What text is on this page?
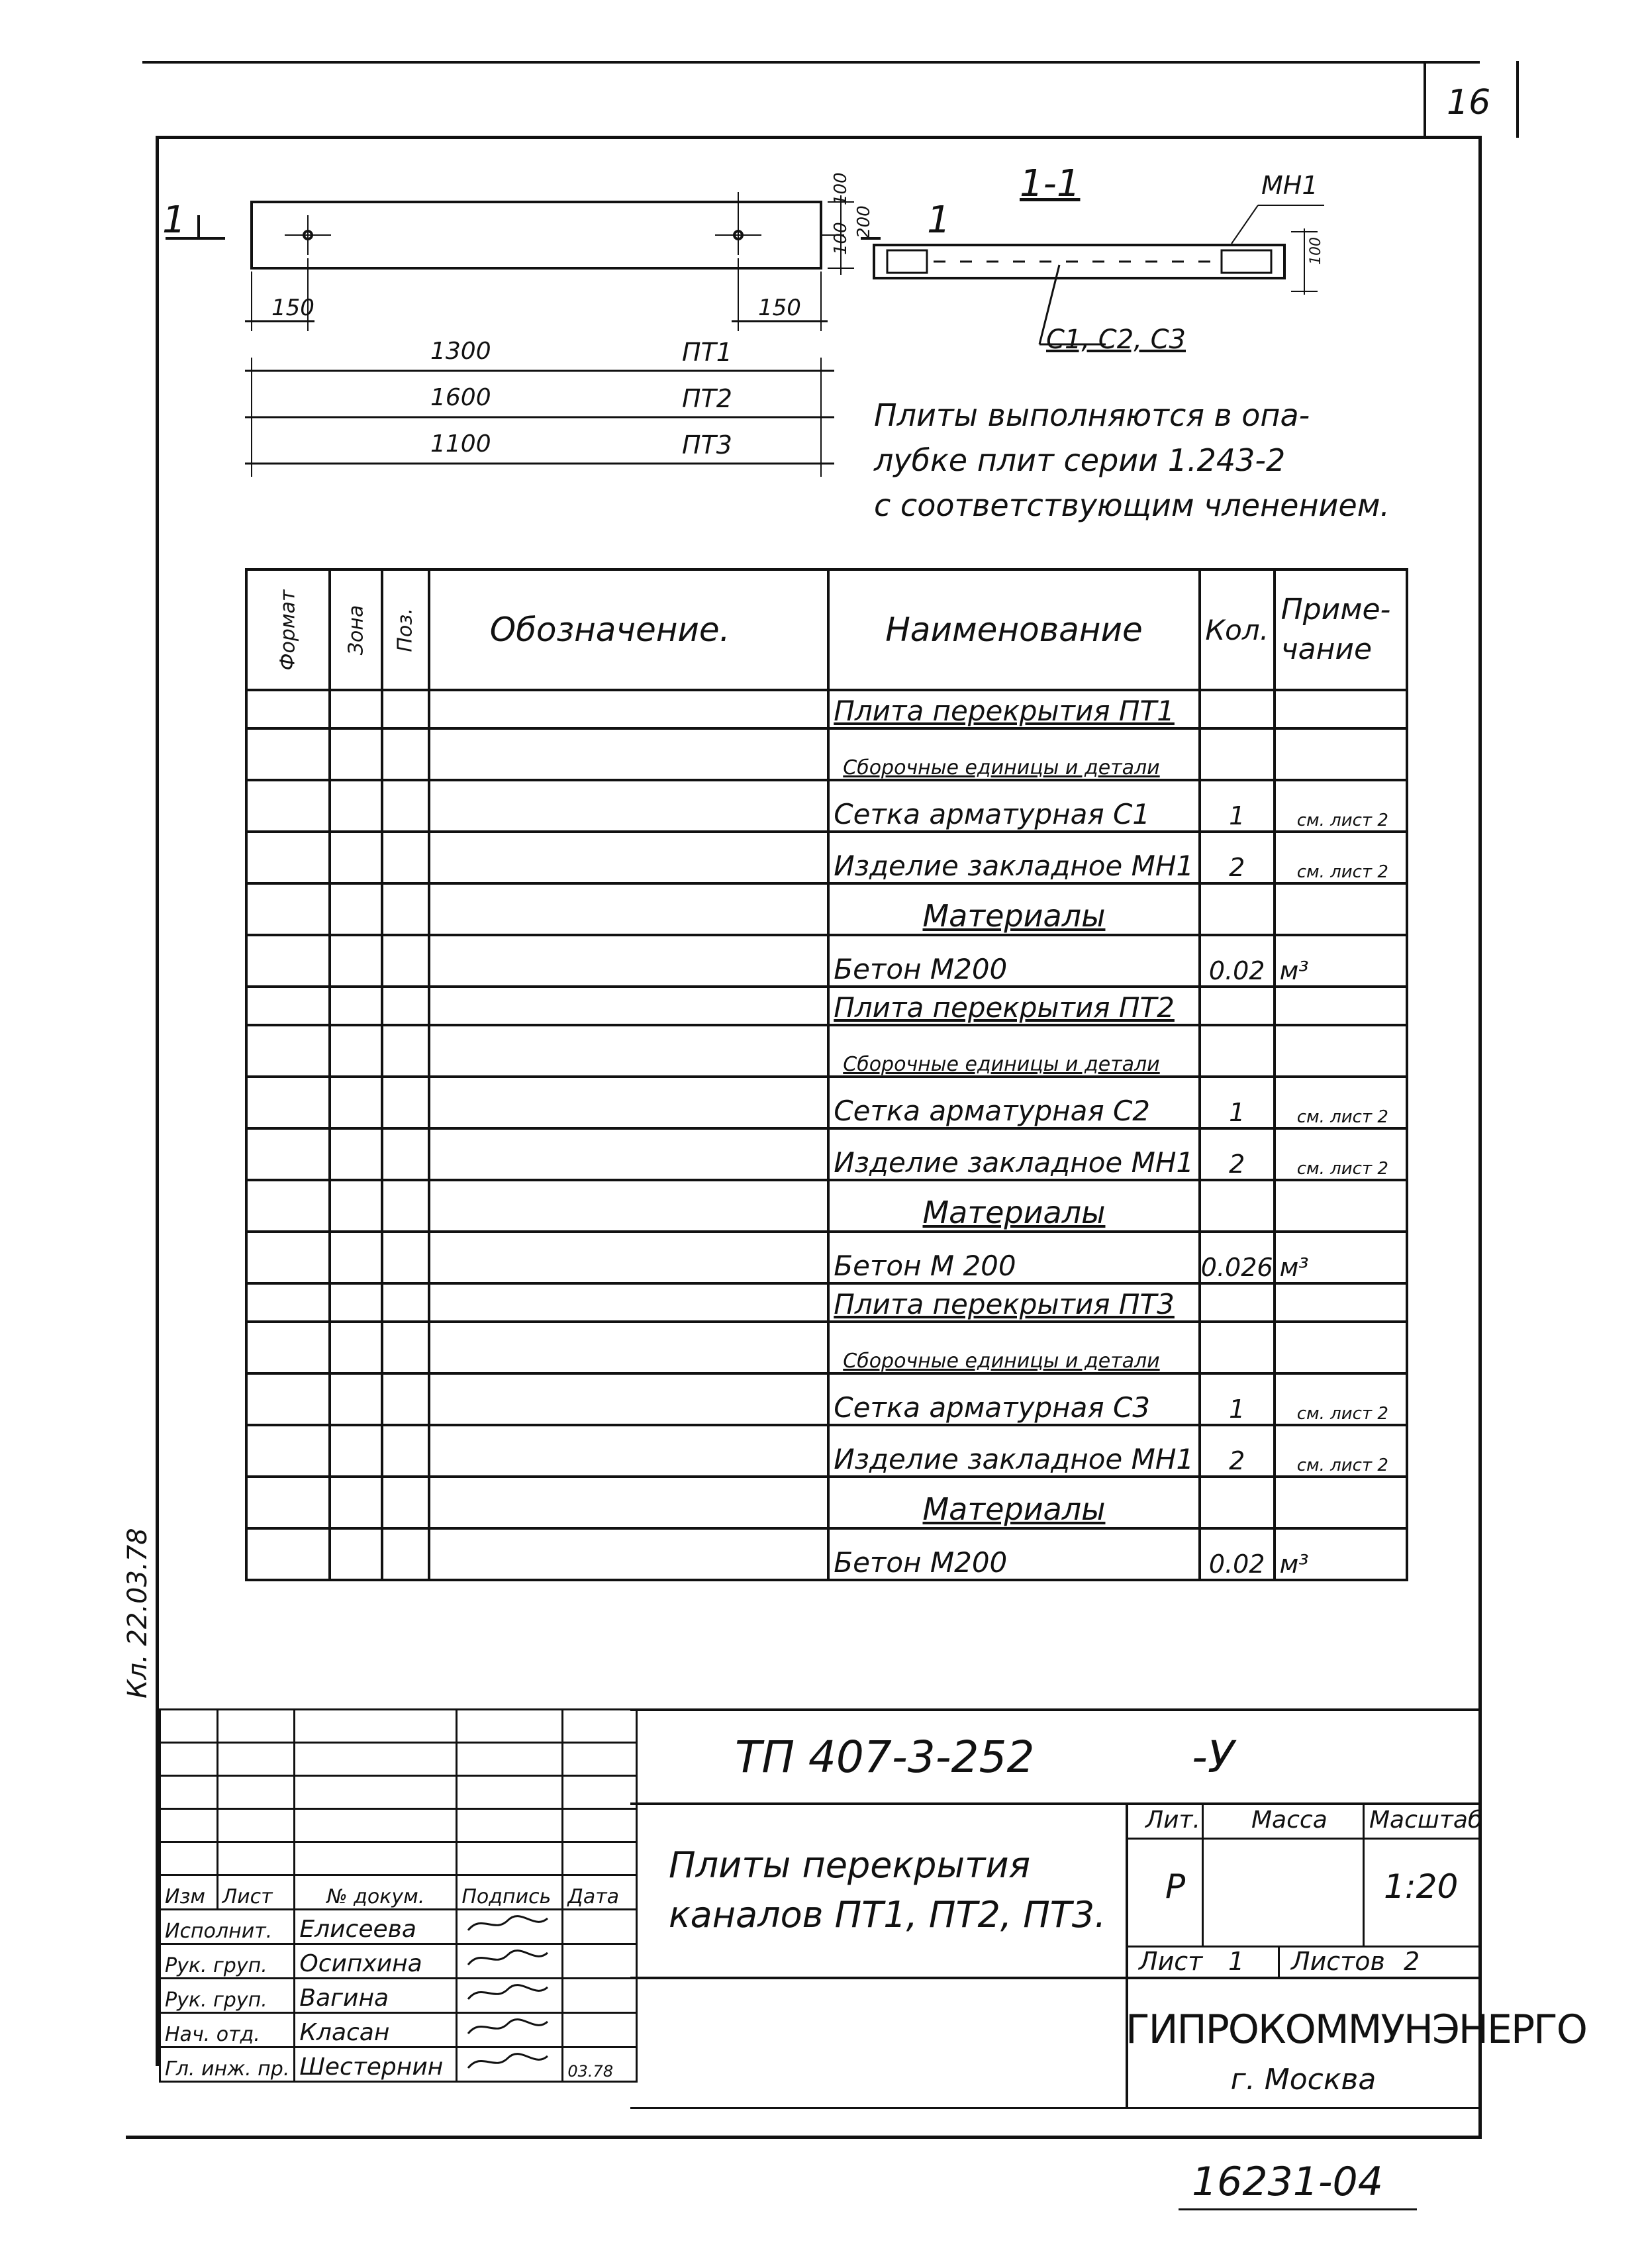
16
1	1
100
100
200
150	150
1300	ПТ1
1600	ПТ2
1100	ПТ3
1-1	МН1
100
С1, С2, С3
Плиты выполняются в опа-
лубке плит серии 1.243-2
с соответствующим членением.
Формат	Зона	Поз.	Обозначение.	Наименование	Кол.	Приме-
чание
				Плита перекрытия ПТ1		
				Сборочные единицы и детали		
				Сетка арматурная С1	1	см. лист 2
				Изделие закладное МН1	2	см. лист 2
				Материалы		
				Бетон М200	0.02	м³
				Плита перекрытия ПТ2		
				Сборочные единицы и детали		
				Сетка арматурная С2	1	см. лист 2
				Изделие закладное МН1	2	см. лист 2
				Материалы		
				Бетон М 200	0.026	м³
				Плита перекрытия ПТ3		
				Сборочные единицы и детали		
				Сетка арматурная С3	1	см. лист 2
				Изделие закладное МН1	2	см. лист 2
				Материалы		
				Бетон М200	0.02	м³
Кл. 22.03.78

Изм	Лист	№ докум.	Подпись	Дата
Исполнит.		Елисеева		
Рук. груп.		Осипхина		
Рук. груп.		Вагина		
Нач. отд.		Класан		
Гл. инж. пр.		Шестернин		03.78
ТП 407-3-252	-У
Плиты перекрытия
каналов ПТ1, ПТ2, ПТ3.
Лит. Масса Масштаб
Р	1:20
Лист 1 Листов 2
ГИПРОКОММУНЭНЕРГО
г. Москва
16231-04
